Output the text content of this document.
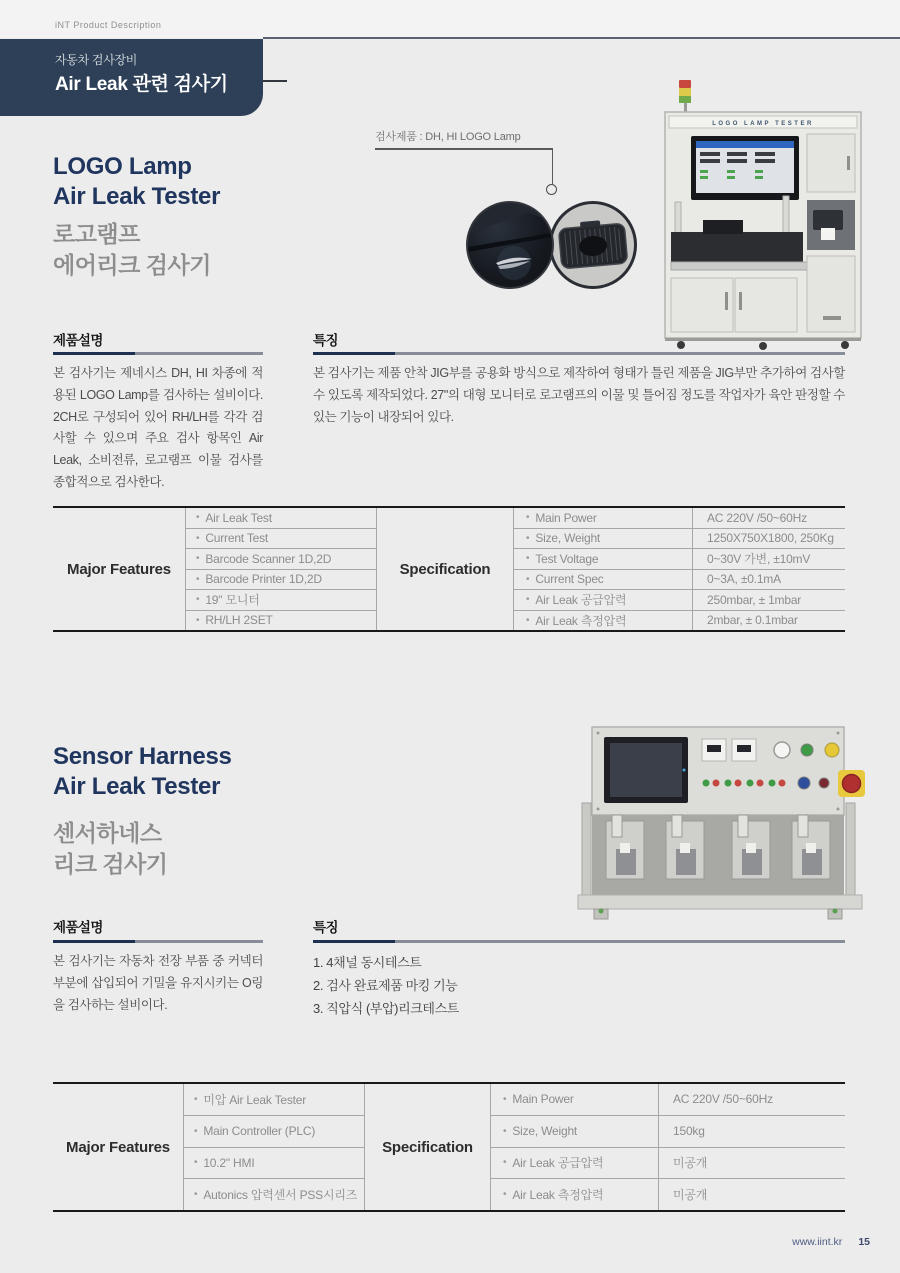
iNT Product Description
자동차 검사장비
Air Leak 관련 검사기
LOGO Lamp
Air Leak Tester
로고램프
에어리크 검사기
검사제품 : DH, HI LOGO Lamp
LOGO LAMP TESTER
제품설명
본 검사기는 제네시스 DH, HI 차종에 적용된 LOGO Lamp를 검사하는 설비이다. 2CH로 구성되어 있어 RH/LH를 각각 검사할 수 있으며 주요 검사 항목인 Air Leak, 소비전류, 로고램프 이물 검사를 종합적으로 검사한다.
특징
본 검사기는 제품 안착 JIG부를 공용화 방식으로 제작하여 형태가 틀린 제품을 JIG부만 추가하여 검사할 수 있도록 제작되었다. 27"의 대형 모니터로 로고램프의 이물 및 틀어짐 정도를 작업자가 육안 판정할 수 있는 기능이 내장되어 있다.
Major Features
• Air Leak Test
• Current Test
• Barcode Scanner 1D,2D
• Barcode Printer 1D,2D
• 19" 모니터
• RH/LH 2SET
Specification
• Main Power	AC 220V /50~60Hz
• Size, Weight	1250X750X1800, 250Kg
• Test Voltage	0~30V 가변, ±10mV
• Current Spec	0~3A, ±0.1mA
• Air Leak 공급압력	250mbar, ± 1mbar
• Air Leak 측정압력	2mbar, ± 0.1mbar
Sensor Harness
Air Leak Tester
센서하네스
리크 검사기
제품설명
본 검사기는 자동차 전장 부품 중 커넥터 부분에 삽입되어 기밀을 유지시키는 O링을 검사하는 설비이다.
특징
1. 4채널 동시테스트
2. 검사 완료제품 마킹 기능
3. 직압식 (부압)리크테스트
Major Features
• 미압 Air Leak Tester
• Main Controller (PLC)
• 10.2" HMI
• Autonics 압력센서 PSS시리즈
Specification
• Main Power	AC 220V /50~60Hz
• Size, Weight	150kg
• Air Leak 공급압력	미공개
• Air Leak 측정압력	미공개
www.iint.kr 15
